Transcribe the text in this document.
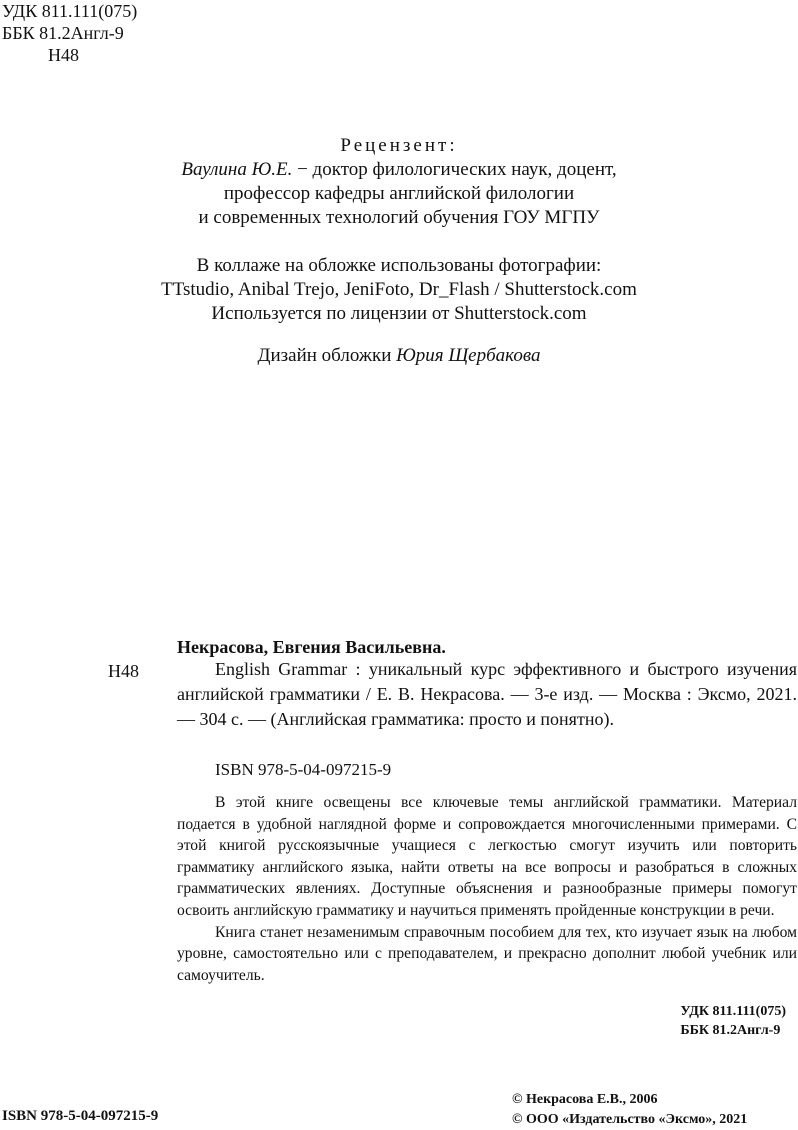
УДК 811.111(075)
ББК 81.2Англ-9
Н48
Рецензент:
Ваулина Ю.Е. − доктор филологических наук, доцент,
профессор кафедры английской филологии
и современных технологий обучения ГОУ МГПУ
В коллаже на обложке использованы фотографии:
TTstudio, Anibal Trejo, JeniFoto, Dr_Flash / Shutterstock.com
Используется по лицензии от Shutterstock.com
Дизайн обложки Юрия Щербакова
Некрасова, Евгения Васильевна.
Н48	English Grammar : уникальный курс эффективного и быстрого изучения английской грамматики / Е. В. Некрасова. — 3-е изд. — Москва : Эксмо, 2021. — 304 с. — (Английская грамматика: просто и понятно).

ISBN 978-5-04-097215-9

В этой книге освещены все ключевые темы английской грамматики. Материал подается в удобной наглядной форме и сопровождается многочисленными примерами. С этой книгой русскоязычные учащиеся с легкостью смогут изучить или повторить грамматику английского языка, найти ответы на все вопросы и разобраться в сложных грамматических явлениях. Доступные объяснения и разнообразные примеры помогут освоить английскую грамматику и научиться применять пройденные конструкции в речи.

Книга станет незаменимым справочным пособием для тех, кто изучает язык на любом уровне, самостоятельно или с преподавателем, и прекрасно дополнит любой учебник или самоучитель.

УДК 811.111(075)
ББК 81.2Англ-9
ISBN 978-5-04-097215-9
© Некрасова Е.В., 2006
© ООО «Издательство «Эксмо», 2021
